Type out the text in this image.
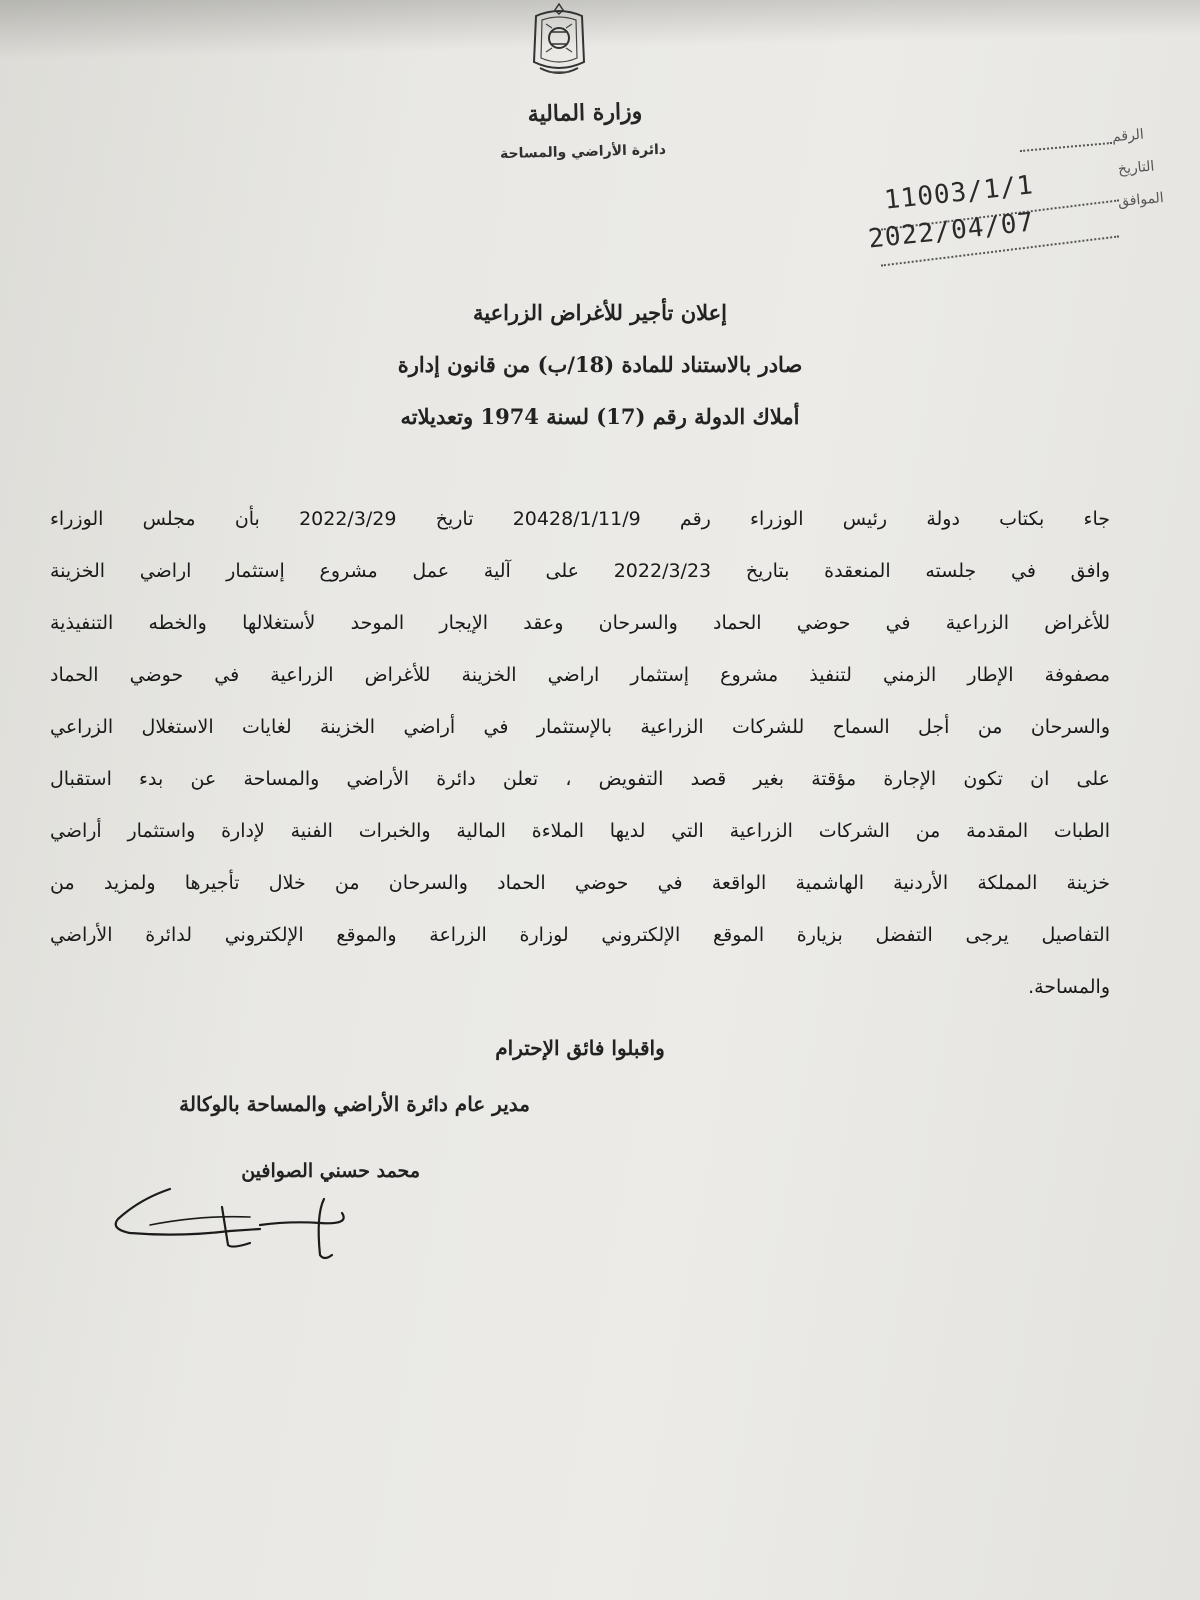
وزارة المالية
دائرة الأراضي والمساحة
الرقم
التاريخ
الموافق
11003/1/1
2022/04/07
إعلان تأجير للأغراض الزراعية
صادر بالاستناد للمادة (18/ب) من قانون إدارة
أملاك الدولة رقم (17) لسنة 1974 وتعديلاته
جاء بكتاب دولة رئيس الوزراء رقم 20428/1/11/9 تاريخ 2022/3/29 بأن مجلس الوزراء
وافق في جلسته المنعقدة بتاريخ 2022/3/23 على آلية عمل مشروع إستثمار اراضي الخزينة
للأغراض الزراعية في حوضي الحماد والسرحان وعقد الإيجار الموحد لأستغلالها والخطه التنفيذية
مصفوفة الإطار الزمني لتنفيذ مشروع إستثمار اراضي الخزينة للأغراض الزراعية في حوضي الحماد
والسرحان من أجل السماح للشركات الزراعية بالإستثمار في أراضي الخزينة لغايات الاستغلال الزراعي
على ان تكون الإجارة مؤقتة بغير قصد التفويض ، تعلن دائرة الأراضي والمساحة عن بدء استقبال
الطبات المقدمة من الشركات الزراعية التي لديها الملاءة المالية والخبرات الفنية لإدارة واستثمار أراضي
خزينة المملكة الأردنية الهاشمية الواقعة في حوضي الحماد والسرحان من خلال تأجيرها ولمزيد من
التفاصيل يرجى التفضل بزيارة الموقع الإلكتروني لوزارة الزراعة والموقع الإلكتروني لدائرة الأراضي
والمساحة.
واقبلوا فائق الإحترام
مدير عام دائرة الأراضي والمساحة بالوكالة
محمد حسني الصوافين
